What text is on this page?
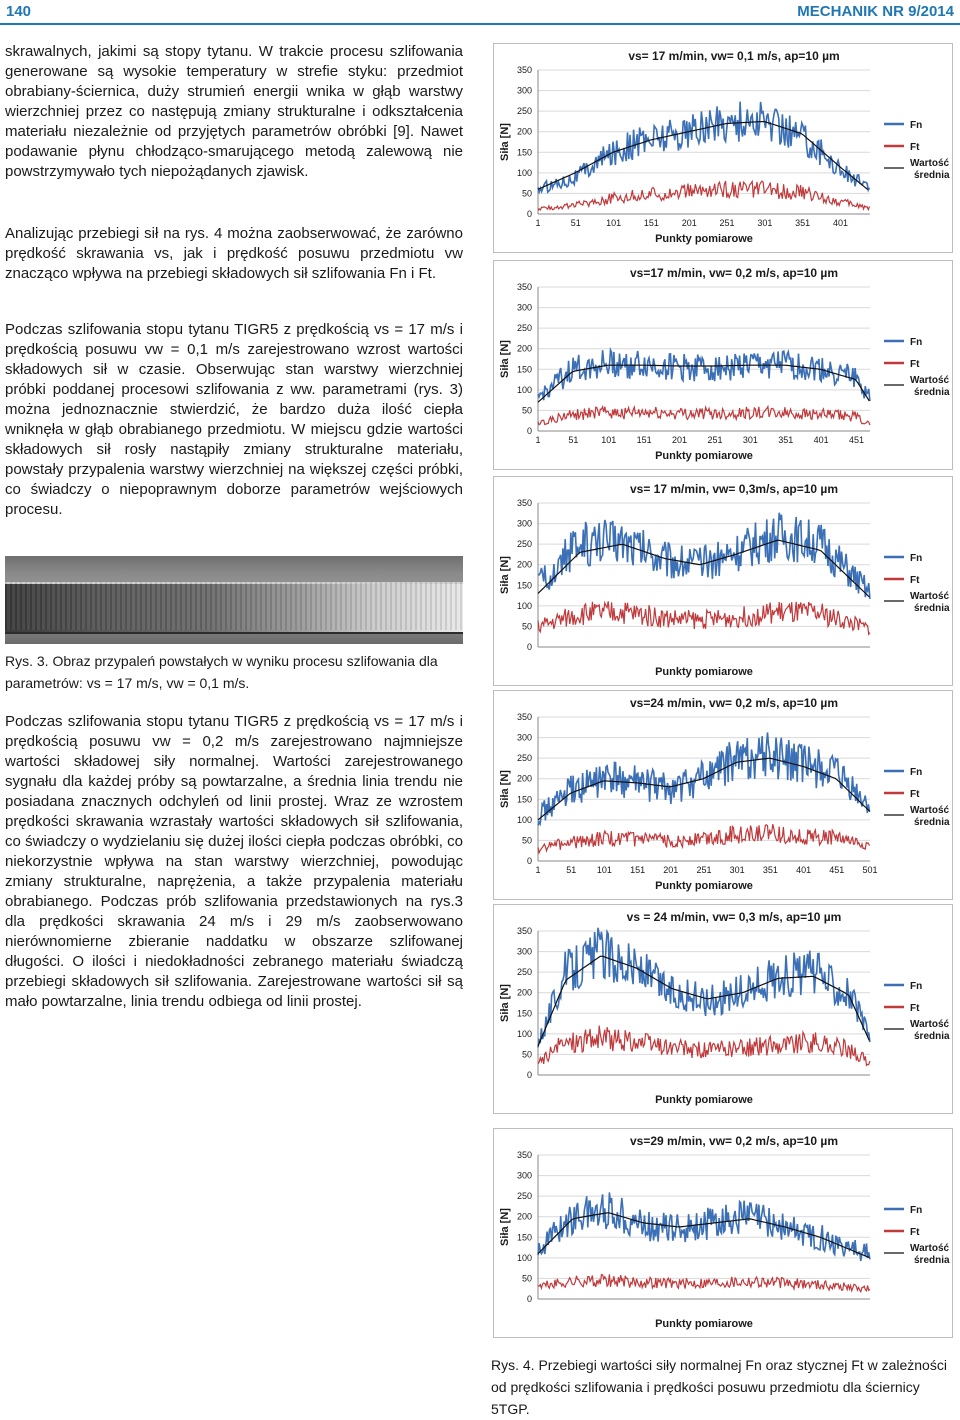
140	MECHANIK NR 9/2014

skrawalnych, jakimi są stopy tytanu. W trakcie procesu szlifowania generowane są wysokie temperatury w strefie styku: przedmiot obrabiany-ściernica, duży strumień energii wnika w głąb warstwy wierzchniej przez co następują zmiany strukturalne i odkształcenia materiału niezależnie od przyjętych parametrów obróbki [9]. Nawet podawanie płynu chłodząco-smarującego metodą zalewową nie powstrzymywało tych niepożądanych zjawisk.

Analizując przebiegi sił na rys. 4 można zaobserwować, że zarówno prędkość skrawania vs, jak i prędkość posuwu przedmiotu vw znacząco wpływa na przebiegi składowych sił szlifowania Fn i Ft.

Podczas szlifowania stopu tytanu TIGR5 z prędkością vs = 17 m/s i prędkością posuwu vw = 0,1 m/s zarejestrowano wzrost wartości składowych sił w czasie. Obserwując stan warstwy wierzchniej próbki poddanej procesowi szlifowania z ww. parametrami (rys. 3) można jednoznacznie stwierdzić, że bardzo duża ilość ciepła wniknęła w głąb obrabianego przedmiotu. W miejscu gdzie wartości składowych sił rosły nastąpiły zmiany strukturalne materiału, powstały przypalenia warstwy wierzchniej na większej części próbki, co świadczy o niepoprawnym doborze parametrów wejściowych procesu.

Rys. 3. Obraz przypaleń powstałych w wyniku procesu szlifowania dla parametrów: vs = 17 m/s, vw = 0,1 m/s.

Podczas szlifowania stopu tytanu TIGR5 z prędkością vs = 17 m/s i prędkością posuwu vw = 0,2 m/s zarejestrowano najmniejsze wartości składowej siły normalnej. Wartości zarejestrowanego sygnału dla każdej próby są powtarzalne, a średnia linia trendu nie posiadana znacznych odchyleń od linii prostej. Wraz ze wzrostem prędkości skrawania wzrastały wartości składowych sił szlifowania, co świadczy o wydzielaniu się dużej ilości ciepła podczas obróbki, co niekorzystnie wpływa na stan warstwy wierzchniej, powodując zmiany strukturalne, naprężenia, a także przypalenia materiału obrabianego. Podczas prób szlifowania przedstawionych na rys.3 dla prędkości skrawania 24 m/s i 29 m/s zaobserwowano nierównomierne zbieranie naddatku w obszarze szlifowanej długości. O ilości i niedokładności zebranego materiału świadczą przebiegi składowych sił szlifowania. Zarejestrowane wartości sił są mało powtarzalne, linia trendu odbiega od linii prostej.

vs= 17 m/min, vw= 0,1 m/s, ap=10 µm
0
50
100
150
200
250
300
350
1	51	101	151	201	251	301	351	401
Siła [N]
Punkty pomiarowe
Fn
Ft
Wartość
średnia
vs=17 m/min, vw= 0,2 m/s, ap=10 µm
0
50
100
150
200
250
300
350
1	51	101 151 201 251 301 351 401 451
Siła [N]
Punkty pomiarowe
Fn
Ft
Wartość
średnia
vs= 17 m/min, vw= 0,3m/s, ap=10 µm
0
50
100
150
200
250
300
350
Siła [N]
Punkty pomiarowe
Fn
Ft
Wartość
średnia
vs=24 m/min, vw= 0,2 m/s, ap=10 µm
0
50
100
150
200
250
300
350
1	51 101 151 201 251 301 351 401 451 501
Siła [N]
Punkty pomiarowe
Fn
Ft
Wartość
średnia
vs = 24 m/min, vw= 0,3 m/s, ap=10 µm
0
50
100
150
200
250
300
350
Siła [N]
Punkty pomiarowe
Fn
Ft
Wartość
średnia
vs=29 m/min, vw= 0,2 m/s, ap=10 µm
0
50
100
150
200
250
300
350
Siła [N]
Punkty pomiarowe
Fn
Ft
Wartość
średnia

Rys. 4. Przebiegi wartości siły normalnej Fn oraz stycznej Ft w zależności od prędkości szlifowania i prędkości posuwu przedmiotu dla ściernicy 5TGP.
